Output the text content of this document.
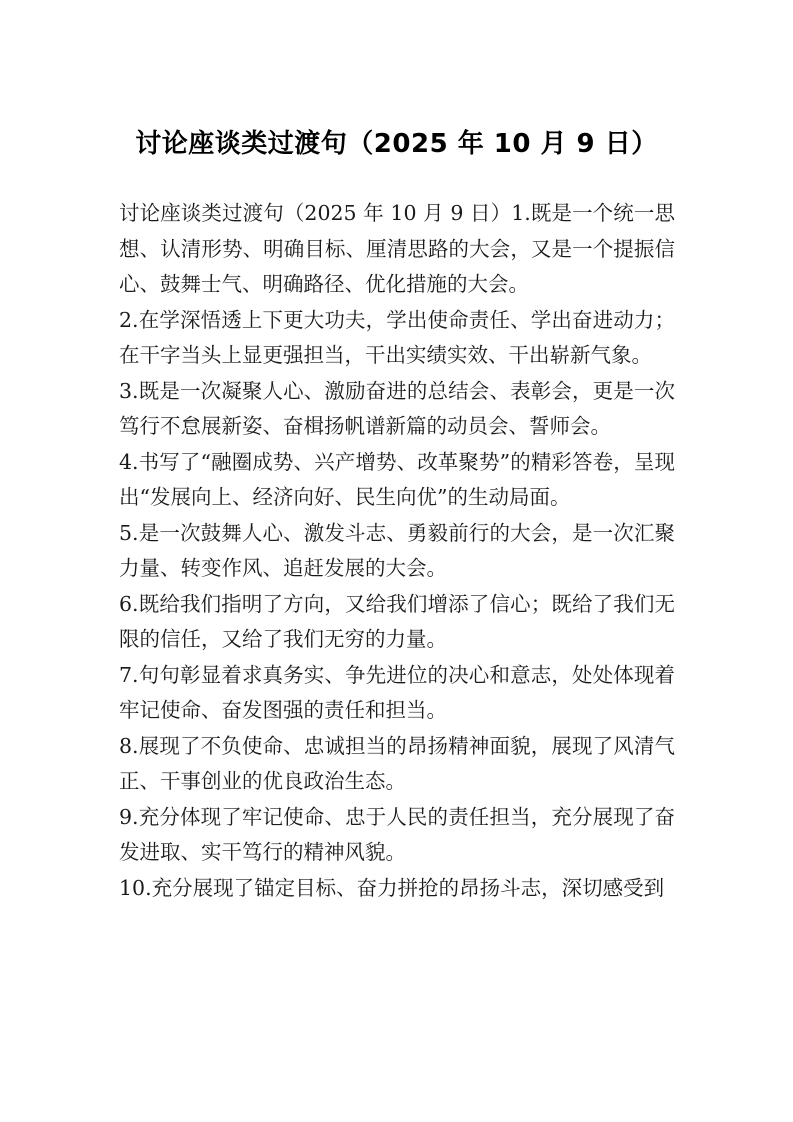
讨论座谈类过渡句（2025 年 10 月 9 日）

讨论座谈类过渡句（2025 年 10 月 9 日）1.既是一个统一思想、认清形势、明确目标、厘清思路的大会，又是一个提振信心、鼓舞士气、明确路径、优化措施的大会。

2.在学深悟透上下更大功夫，学出使命责任、学出奋进动力；在干字当头上显更强担当，干出实绩实效、干出崭新气象。

3.既是一次凝聚人心、激励奋进的总结会、表彰会，更是一次笃行不怠展新姿、奋楫扬帆谱新篇的动员会、誓师会。

4.书写了“融圈成势、兴产增势、改革聚势”的精彩答卷，呈现出“发展向上、经济向好、民生向优”的生动局面。

5.是一次鼓舞人心、激发斗志、勇毅前行的大会，是一次汇聚力量、转变作风、追赶发展的大会。

6.既给我们指明了方向，又给我们增添了信心；既给了我们无限的信任，又给了我们无穷的力量。

7.句句彰显着求真务实、争先进位的决心和意志，处处体现着牢记使命、奋发图强的责任和担当。

8.展现了不负使命、忠诚担当的昂扬精神面貌，展现了风清气正、干事创业的优良政治生态。

9.充分体现了牢记使命、忠于人民的责任担当，充分展现了奋发进取、实干笃行的精神风貌。

10.充分展现了锚定目标、奋力拼抢的昂扬斗志，深切感受到
